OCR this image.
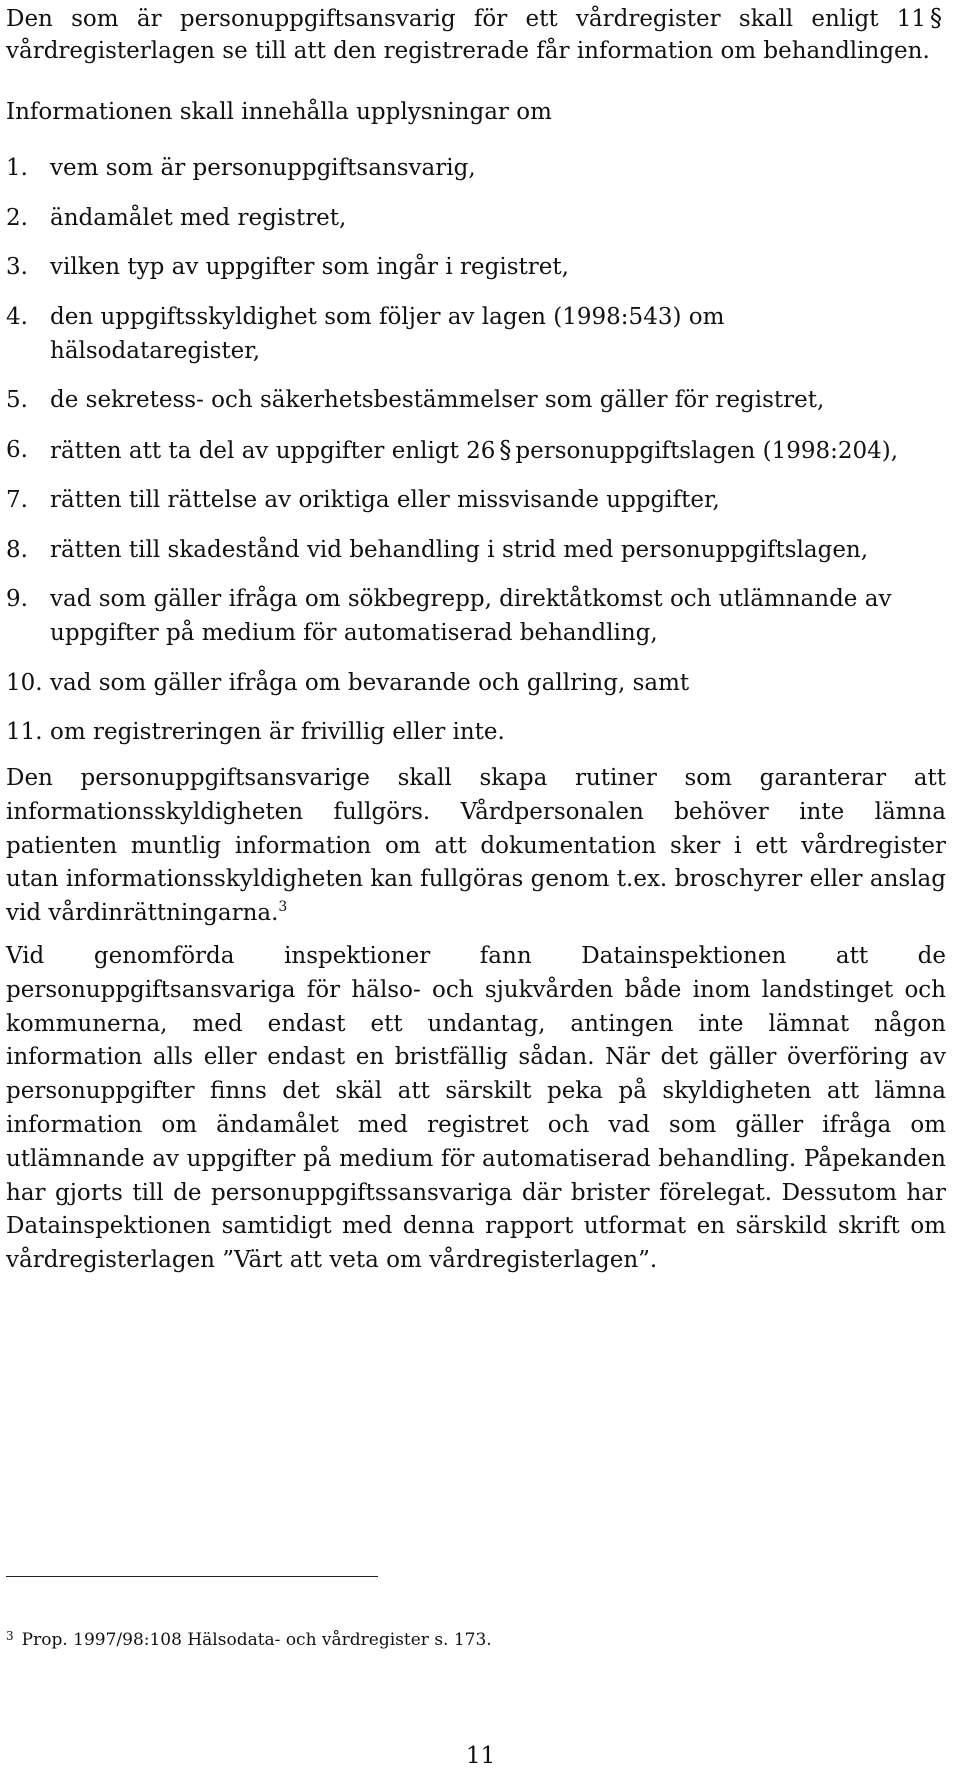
Den som är personuppgiftsansvarig för ett vårdregister skall enligt 11 §vårdregisterlagen se till att den registrerade får information om behandlingen.

Informationen skall innehålla upplysningar om

1. vem som är personuppgiftsansvarig,
2. ändamålet med registret,
3. vilken typ av uppgifter som ingår i registret,
4. den uppgiftsskyldighet som följer av lagen (1998:543) om hälsodataregister,
5. de sekretess- och säkerhetsbestämmelser som gäller för registret,
6. rätten att ta del av uppgifter enligt 26 § personuppgiftslagen (1998:204),
7. rätten till rättelse av oriktiga eller missvisande uppgifter,
8. rätten till skadestånd vid behandling i strid med personuppgiftslagen,
9. vad som gäller ifråga om sökbegrepp, direktåtkomst och utlämnande av uppgifter på medium för automatiserad behandling,
10. vad som gäller ifråga om bevarande och gallring, samt
11. om registreringen är frivillig eller inte.

Den personuppgiftsansvarige skall skapa rutiner som garanterar att informationsskyldigheten fullgörs. Vårdpersonalen behöver inte lämna patienten muntlig information om att dokumentation sker i ett vårdregister utan informationsskyldigheten kan fullgöras genom t.ex. broschyrer eller anslag vid vårdinrättningarna.$^3$

Vid genomförda inspektioner fann Datainspektionen att de personuppgiftsansvariga för hälso- och sjukvården både inom landstinget och kommunerna, med endast ett undantag, antingen inte lämnat någon information alls eller endast en bristfällig sådan. När det gäller överföring av personuppgifter finns det skäl att särskilt peka på skyldigheten att lämna information om ändamålet med registret och vad som gäller ifråga om utlämnande av uppgifter på medium för automatiserad behandling. Påpekanden har gjorts till de personuppgiftssansvariga där brister förelegat. Dessutom har Datainspektionen samtidigt med denna rapport utformat en särskild skrift om vårdregisterlagen ”Värt att veta om vårdregisterlagen”.

$^3$ Prop. 1997/98:108 Hälsodata- och vårdregister s. 173.

11
